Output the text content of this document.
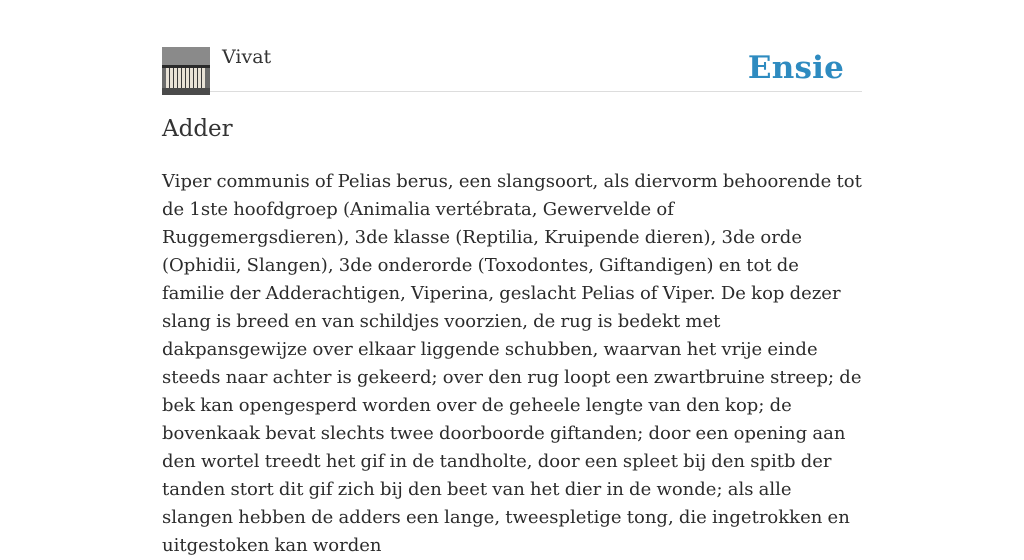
Vivat	Ensie
Adder

Viper communis of Pelias berus, een slangsoort, als diervorm behoorende tot de 1ste hoofdgroep (Animalia vertébrata, Gewervelde of Ruggemergsdieren), 3de klasse (Reptilia, Kruipende dieren), 3de orde (Ophidii, Slangen), 3de onderorde (Toxodontes, Giftandigen) en tot de familie der Adderachtigen, Viperina, geslacht Pelias of Viper. De kop dezer slang is breed en van schildjes voorzien, de rug is bedekt met dakpansgewijze over elkaar liggende schubben, waarvan het vrije einde steeds naar achter is gekeerd; over den rug loopt een zwartbruine streep; de bek kan opengesperd worden over de geheele lengte van den kop; de bovenkaak bevat slechts twee doorboorde giftanden; door een opening aan den wortel treedt het gif in de tandholte, door een spleet bij den spitb der tanden stort dit gif zich bij den beet van het dier in de wonde; als alle slangen hebben de adders een lange, tweespletige tong, die ingetrokken en uitgestoken kan worden
